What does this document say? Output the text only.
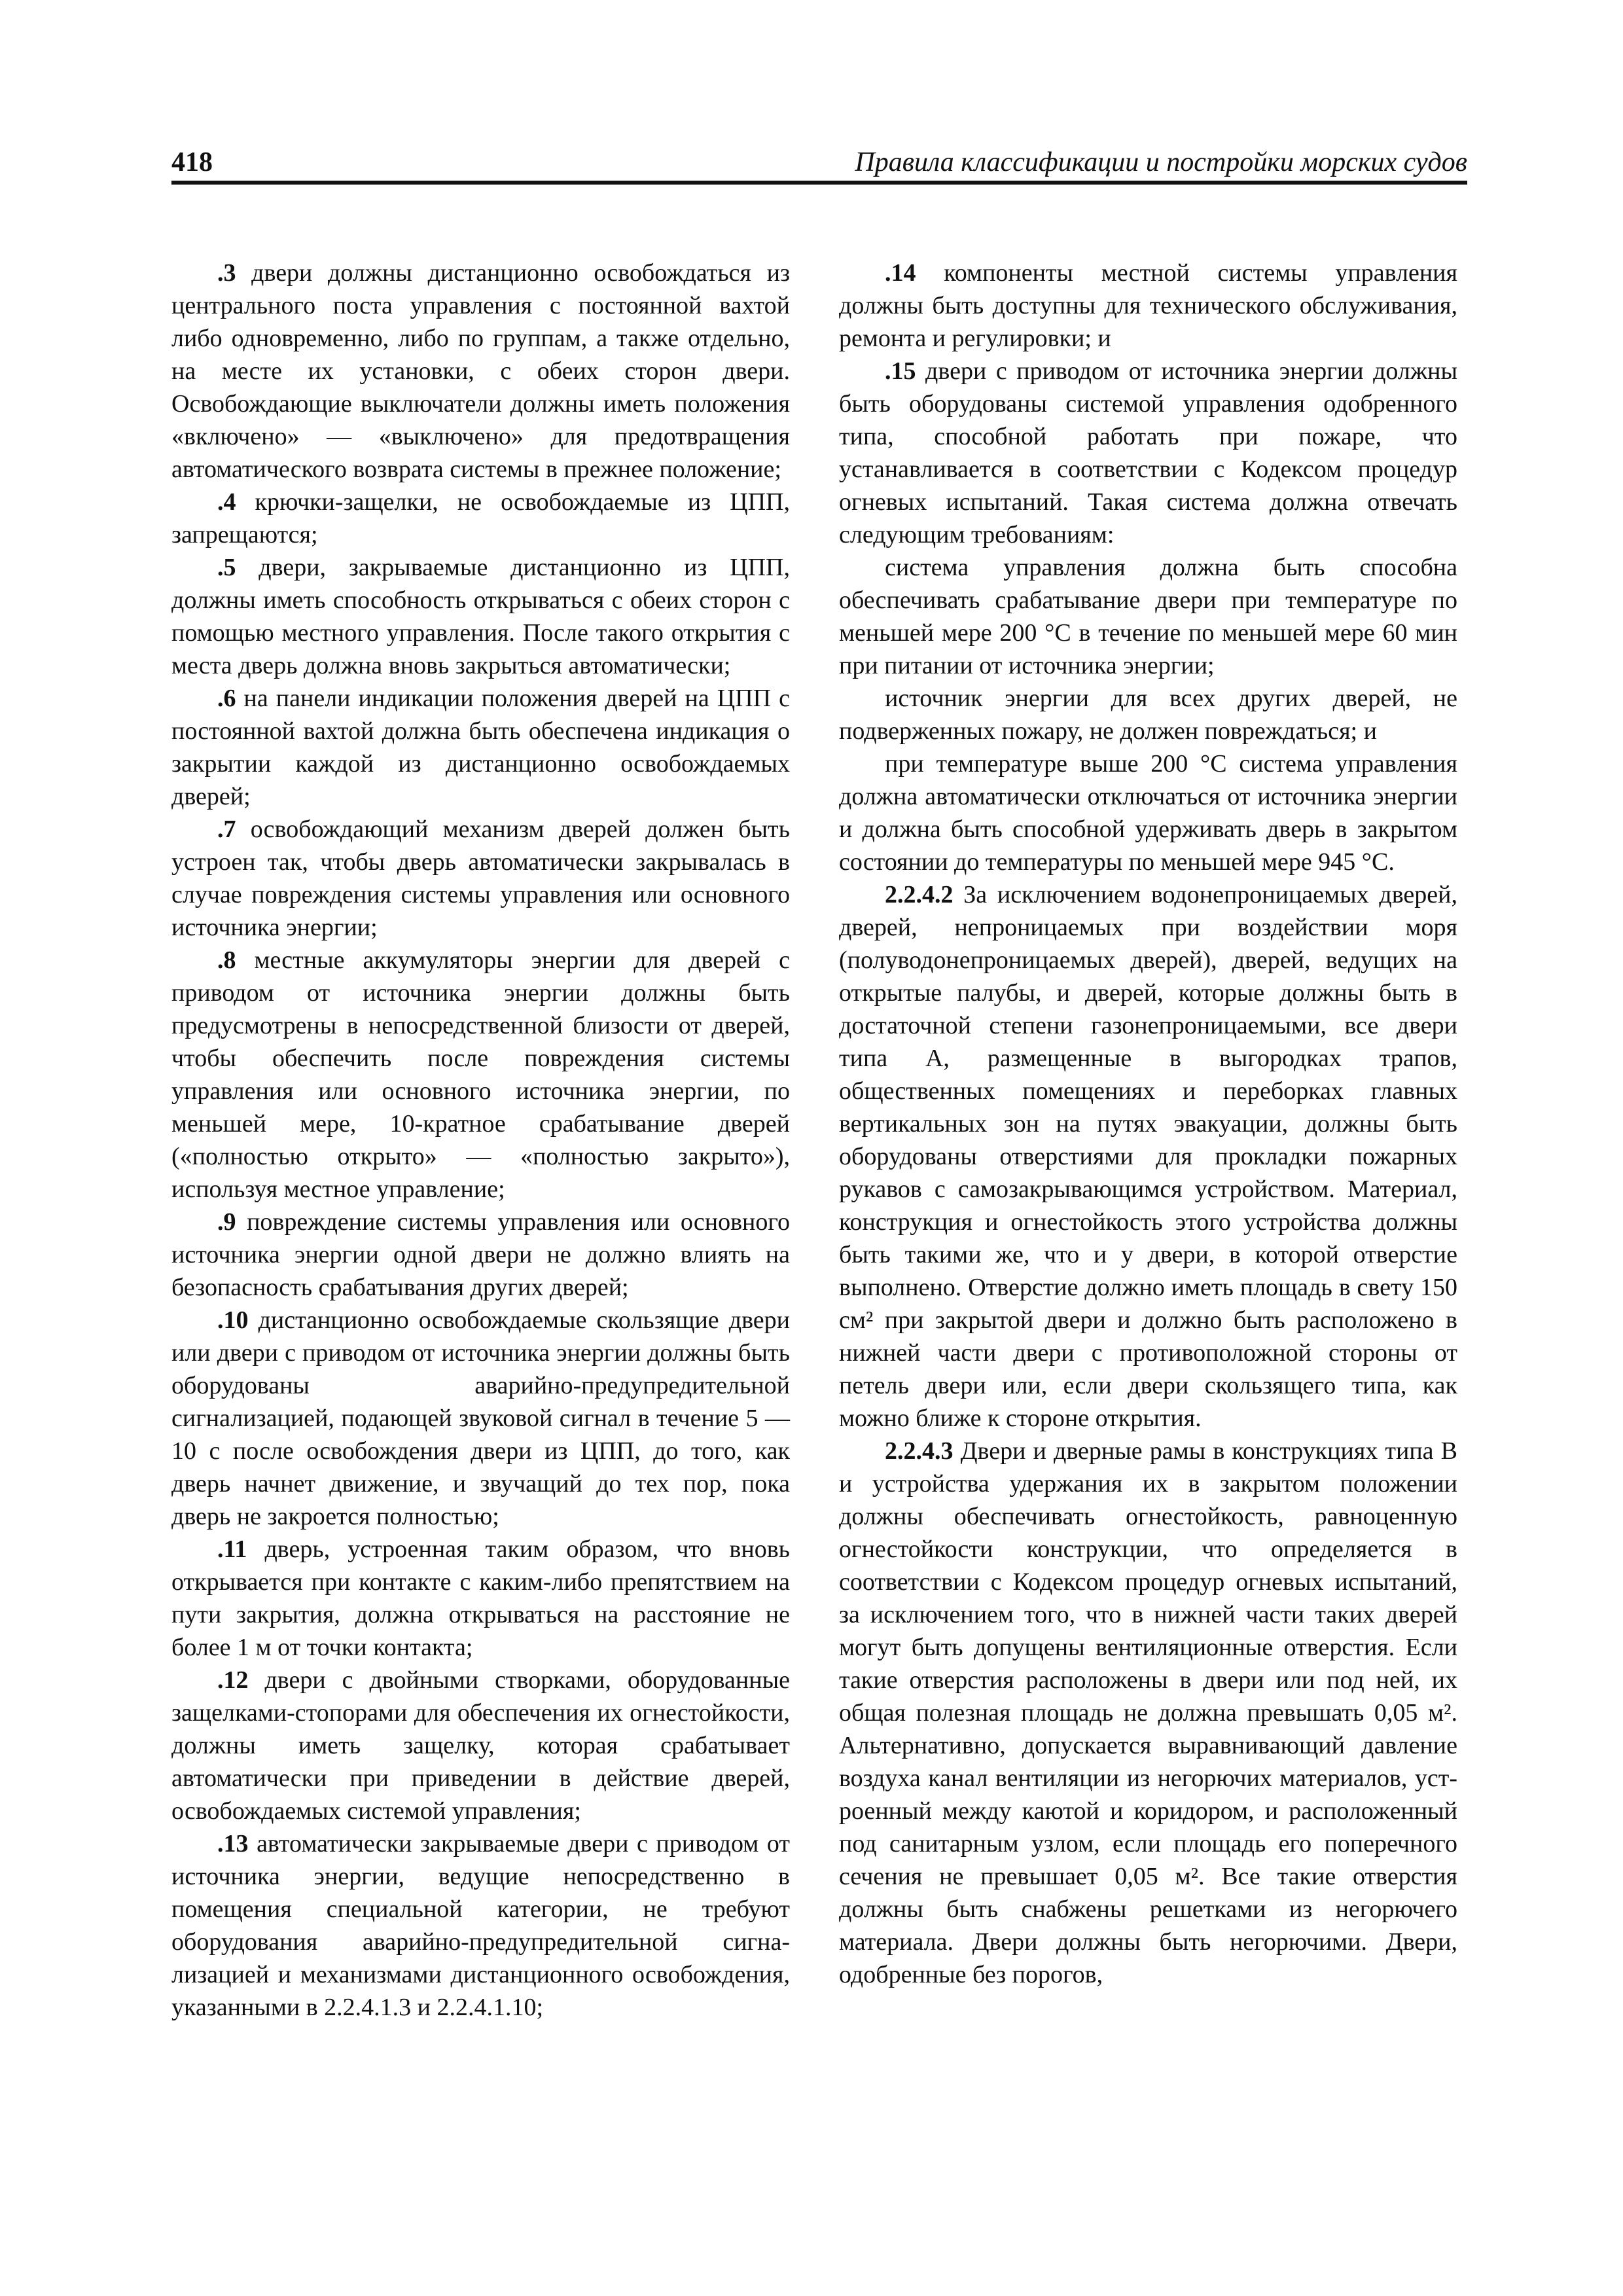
418	Правила классификации и постройки морских судов

.3 двери должны дистанционно освобождаться из центрального поста управления с постоянной вахтой либо одновременно, либо по группам, а также отдельно, на месте их установки, с обеих сторон двери. Освобождающие выключатели должны иметь положения «включено» — «выключено» для предотвращения автоматического возврата системы в прежнее положение;

.4 крючки-защелки, не освобождаемые из ЦПП, запрещаются;

.5 двери, закрываемые дистанционно из ЦПП, должны иметь способность открываться с обеих сторон с помощью местного управления. После такого открытия с места дверь должна вновь закрыться автоматически;

.6 на панели индикации положения дверей на ЦПП с постоянной вахтой должна быть обеспечена индикация о закрытии каждой из дистанционно освобождаемых дверей;

.7 освобождающий механизм дверей должен быть устроен так, чтобы дверь автоматически закрывалась в случае повреждения системы управления или основного источника энергии;

.8 местные аккумуляторы энергии для дверей с приводом от источника энергии должны быть предусмотрены в непосредственной близости от дверей, чтобы обеспечить после повреждения системы управления или основного источника энергии, по меньшей мере, 10-кратное срабатывание дверей («полностью открыто» — «полностью закрыто»), используя местное управление;

.9 повреждение системы управления или основного источника энергии одной двери не должно влиять на безопасность срабатывания других дверей;

.10 дистанционно освобождаемые скользящие двери или двери с приводом от источника энергии должны быть оборудованы аварийно-предупредительной сигнализацией, подающей звуковой сигнал в течение 5 — 10 с после освобождения двери из ЦПП, до того, как дверь начнет движение, и звучащий до тех пор, пока дверь не закроется полностью;

.11 дверь, устроенная таким образом, что вновь открывается при контакте с каким-либо препятствием на пути закрытия, должна открываться на расстояние не более 1 м от точки контакта;

.12 двери с двойными створками, оборудованные защелками-стопорами для обеспечения их огнестойкости, должны иметь защелку, которая срабатывает автоматически при приведении в действие дверей, освобождаемых системой управления;

.13 автоматически закрываемые двери с приводом от источника энергии, ведущие непосредственно в помещения специальной категории, не требуют оборудования аварийно-предупредительной сигнализацией и механизмами дистанционного освобождения, указанными в 2.2.4.1.3 и 2.2.4.1.10;

.14 компоненты местной системы управления должны быть доступны для технического обслуживания, ремонта и регулировки; и

.15 двери с приводом от источника энергии должны быть оборудованы системой управления одобренного типа, способной работать при пожаре, что устанавливается в соответствии с Кодексом процедур огневых испытаний. Такая система должна отвечать следующим требованиям:

система управления должна быть способна обеспечивать срабатывание двери при температуре по меньшей мере 200 °С в течение по меньшей мере 60 мин при питании от источника энергии;

источник энергии для всех других дверей, не подверженных пожару, не должен повреждаться; и

при температуре выше 200 °С система управления должна автоматически отключаться от источника энергии и должна быть способной удерживать дверь в закрытом состоянии до температуры по меньшей мере 945 °С.

2.2.4.2 За исключением водонепроницаемых дверей, дверей, непроницаемых при воздействии моря (полуводонепроницаемых дверей), дверей, ведущих на открытые палубы, и дверей, которые должны быть в достаточной степени газонепроницаемыми, все двери типа А, размещенные в выгородках трапов, общественных помещениях и переборках главных вертикальных зон на путях эвакуации, должны быть оборудованы отверстиями для прокладки пожарных рукавов с самозакрывающимся устройством. Материал, конструкция и огнестойкость этого устройства должны быть такими же, что и у двери, в которой отверстие выполнено. Отверстие должно иметь площадь в свету 150 см² при закрытой двери и должно быть расположено в нижней части двери с противоположной стороны от петель двери или, если двери скользящего типа, как можно ближе к стороне открытия.

2.2.4.3 Двери и дверные рамы в конструкциях типа В и устройства удержания их в закрытом положении должны обеспечивать огнестойкость, равноценную огнестойкости конструкции, что определяется в соответствии с Кодексом процедур огневых испытаний, за исключением того, что в нижней части таких дверей могут быть допущены вентиляционные отверстия. Если такие отверстия расположены в двери или под ней, их общая полезная площадь не должна превышать 0,05 м². Альтернативно, допускается выравнивающий давление воздуха канал вентиляции из негорючих материалов, устроенный между каютой и коридором, и расположенный под санитарным узлом, если площадь его поперечного сечения не превышает 0,05 м². Все такие отверстия должны быть снабжены решетками из негорючего материала. Двери должны быть негорючими. Двери, одобренные без порогов,
